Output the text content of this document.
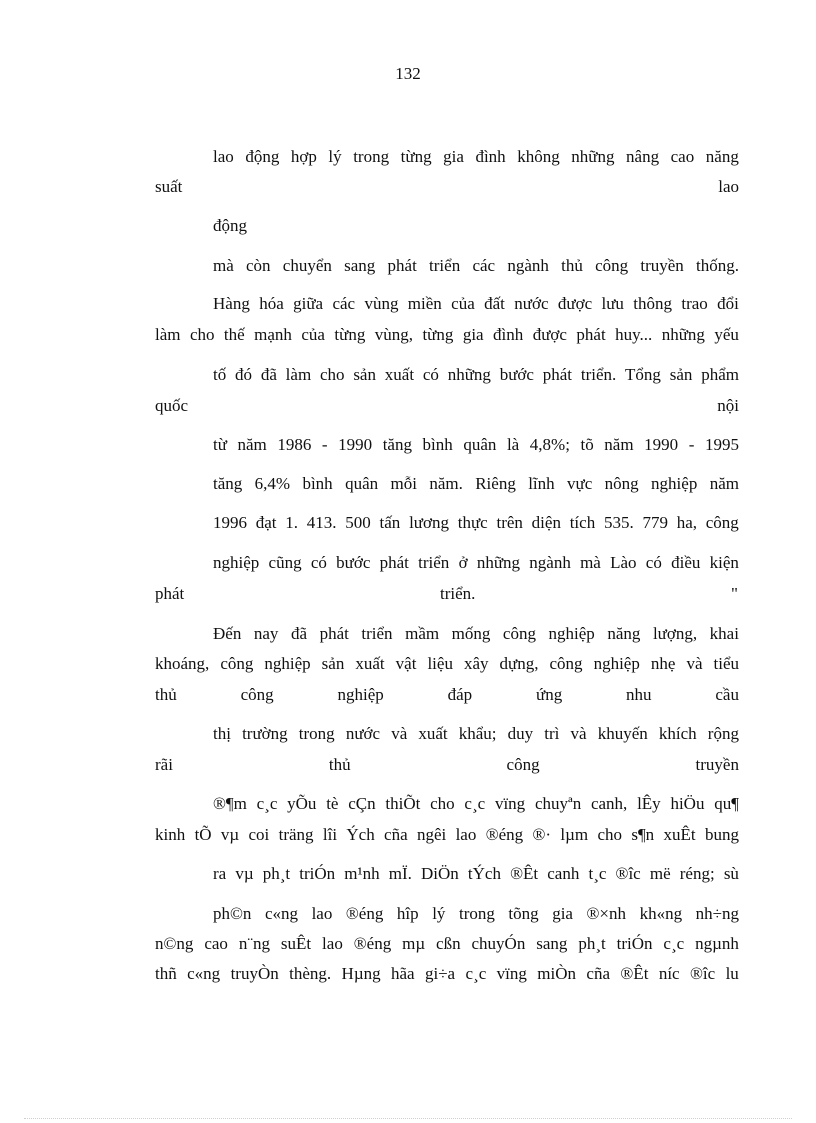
132
lao động hợp lý trong từng gia đình không những nâng cao năng
suất	lao
động
mà còn chuyển sang phát triển các ngành thủ công truyền thống.
Hàng hóa giữa các vùng miền của đất nước được lưu thông trao đổi
làm cho thế mạnh của từng vùng, từng gia đình được phát huy... những yếu
tố đó đã làm cho sản xuất có những bước phát triển. Tổng sản phẩm
quốc	nội
từ năm 1986 - 1990 tăng bình quân là 4,8%; tõ năm 1990 - 1995
tăng 6,4% bình quân mỗi năm. Riêng lĩnh vực nông nghiệp năm
1996 đạt 1. 413. 500 tấn lương thực trên diện tích 535. 779 ha, công
nghiệp cũng có bước phát triển ở những ngành mà Lào có điều kiện
phát	triển.	"
Đến nay đã phát triển mầm mống công nghiệp năng lượng, khai
khoáng, công nghiệp sản xuất vật liệu xây dựng, công nghiệp nhẹ và tiểu
thủ	công	nghiệp	đáp	ứng	nhu	cầu
thị trường trong nước và xuất khẩu; duy trì và khuyến khích rộng
rãi	thủ	công	truyền
®¶m c¸c yÕu tè cÇn thiÕt cho c¸c vïng chuyªn canh, lÊy hiÖu qu¶
kinh tÕ vµ coi träng lîi Ých cña ngêi lao ®éng ®· lµm cho s¶n xuÊt bung
ra vµ ph¸t triÓn m¹nh mÏ. DiÖn tÝch ®Êt canh t¸c ®îc më réng; sù
ph©n c«ng lao ®éng hîp lý trong tõng gia ®×nh kh«ng nh÷ng
n©ng cao n¨ng suÊt lao ®éng mµ cßn chuyÓn sang ph¸t triÓn c¸c ngµnh
thñ c«ng truyÒn thèng. Hµng hãa gi÷a c¸c vïng miÒn cña ®Êt níc ®îc lu
